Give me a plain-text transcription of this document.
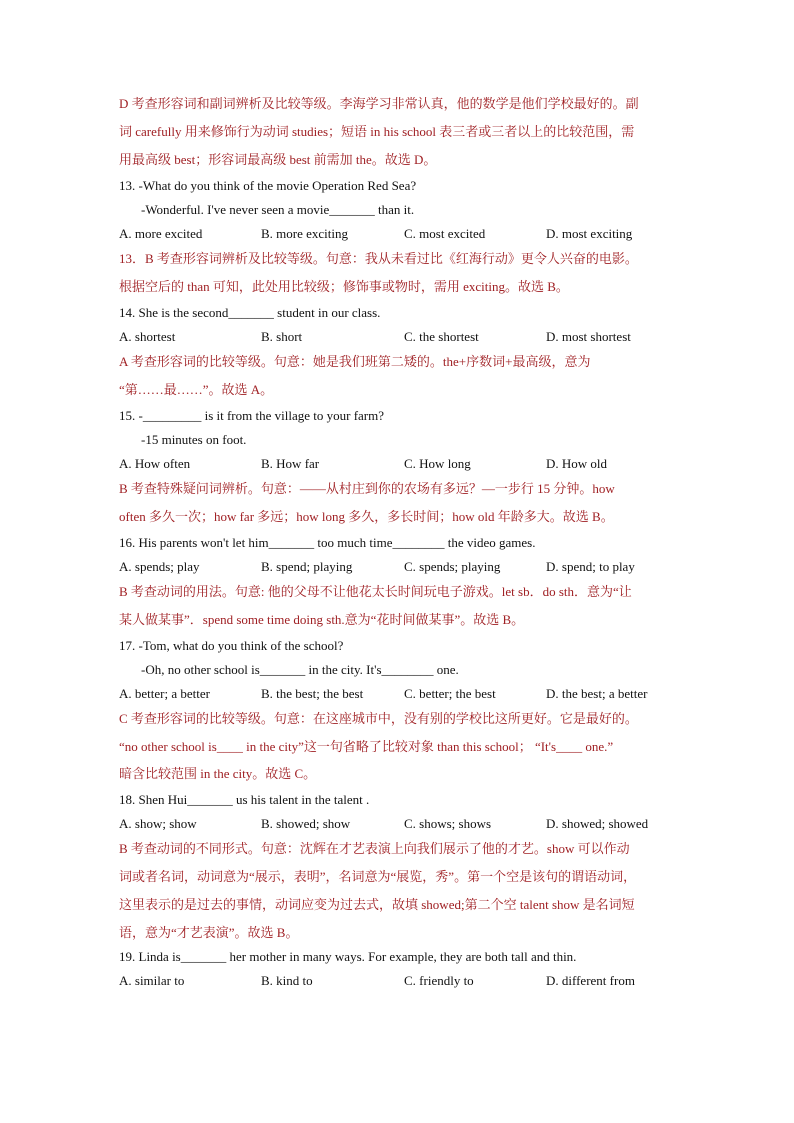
D 考查形容词和副词辨析及比较等级。李海学习非常认真，他的数学是他们学校最好的。副
词 carefully 用来修饰行为动词 studies；短语 in his school 表三者或三者以上的比较范围，需
用最高级 best；形容词最高级 best 前需加 the。故选 D。
13. -What do you think of the movie Operation Red Sea?
-Wonderful. I've never seen a movie_______ than it.
A. more excited	B. more exciting	C. most excited	D. most exciting
13．B 考查形容词辨析及比较等级。句意：我从未看过比《红海行动》更令人兴奋的电影。
根据空后的 than 可知，此处用比较级；修饰事或物时，需用 exciting。故选 B。
14. She is the second_______ student in our class.
A. shortest	B. short	C. the shortest	D. most shortest
A 考查形容词的比较等级。句意：她是我们班第二矮的。the+序数词+最高级，意为
“第……最……”。故选 A。
15. -_________ is it from the village to your farm?
-15 minutes on foot.
A. How often	B. How far	C. How long	D. How old
B 考查特殊疑问词辨析。句意：——从村庄到你的农场有多远？—一步行 15 分钟。how
often 多久一次；how far 多远；how long 多久，多长时间；how old 年龄多大。故选 B。
16. His parents won't let him_______ too much time________ the video games.
A. spends; play	B. spend; playing	C. spends; playing	D. spend; to play
B 考查动词的用法。句意: 他的父母不让他花太长时间玩电子游戏。let sb．do sth．意为“让
某人做某事”．spend some time doing sth.意为“花时间做某事”。故选 B。
17. -Tom, what do you think of the school?
-Oh, no other school is_______ in the city. It's________ one.
A. better; a better	B. the best; the best	C. better; the best	D. the best; a better
C 考查形容词的比较等级。句意：在这座城市中，没有别的学校比这所更好。它是最好的。
“no other school is____ in the city”这一句省略了比较对象 than this school； “It's____ one.”
暗含比较范围 in the city。故选 C。
18. Shen Hui_______ us his talent in the talent .
A. show; show	B. showed; show	C. shows; shows	D. showed; showed
B 考查动词的不同形式。句意：沈辉在才艺表演上向我们展示了他的才艺。show 可以作动
词或者名词，动词意为“展示，表明”，名词意为“展览，秀”。第一个空是该句的谓语动词，
这里表示的是过去的事情，动词应变为过去式，故填 showed;第二个空 talent show 是名词短
语，意为“才艺表演”。故选 B。
19. Linda is_______ her mother in many ways. For example, they are both tall and thin.
A. similar to	B. kind to	C. friendly to	D. different from
